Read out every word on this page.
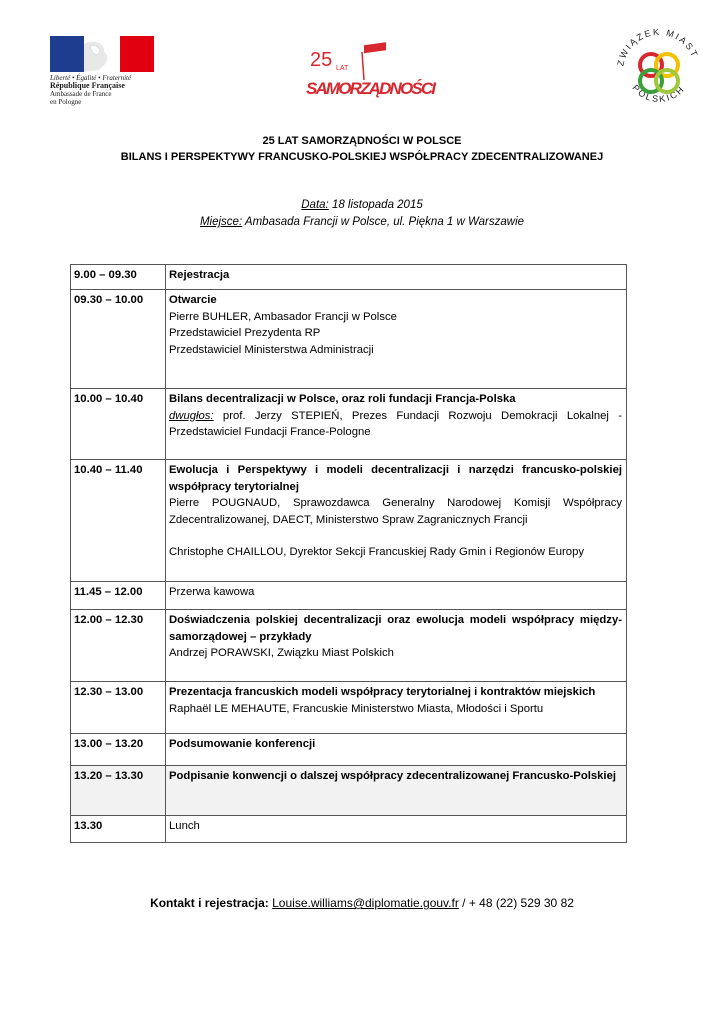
Liberté • Égalité • Fraternité
République Française
Ambassade de France
en Pologne
25 LAT
SAMORZĄDNOŚCI
ZWIĄZEK MIAST
POLSKICH
25 LAT SAMORZĄDNOŚCI W POLSCE
BILANS I PERSPEKTYWY FRANCUSKO-POLSKIEJ WSPÓŁPRACY ZDECENTRALIZOWANEJ
Data: 18 listopada 2015
Miejsce: Ambasada Francji w Polsce, ul. Piękna 1 w Warszawie
9.00 – 09.30	Rejestracja

09.30 – 10.00	Otwarcie
Pierre BUHLER, Ambasador Francji w Polsce
Przedstawiciel Prezydenta RP
Przedstawiciel Ministerstwa Administracji

10.00 – 10.40	Bilans decentralizacji w Polsce, oraz roli fundacji Francja-Polska
dwugłos: prof. Jerzy STEPIEŃ, Prezes Fundacji Rozwoju Demokracji Lokalnej - Przedstawiciel Fundacji France-Pologne

10.40 – 11.40	Ewolucja i Perspektywy i modeli decentralizacji i narzędzi francusko-polskiej współpracy terytorialnej
Pierre POUGNAUD, Sprawozdawca Generalny Narodowej Komisji Współpracy Zdecentralizowanej, DAECT, Ministerstwo Spraw Zagranicznych Francji
Christophe CHAILLOU, Dyrektor Sekcji Francuskiej Rady Gmin i Regionów Europy

11.45 – 12.00	Przerwa kawowa

12.00 – 12.30	Doświadczenia polskiej decentralizacji oraz ewolucja modeli współpracy między-samorządowej – przykłady
Andrzej PORAWSKI, Związku Miast Polskich

12.30 – 13.00	Prezentacja francuskich modeli współpracy terytorialnej i kontraktów miejskich
Raphaël LE MEHAUTE, Francuskie Ministerstwo Miasta, Młodości i Sportu

13.00 – 13.20	Podsumowanie konferencji

13.20 – 13.30	Podpisanie konwencji o dalszej współpracy zdecentralizowanej Francusko-Polskiej

13.30	Lunch
Kontakt i rejestracja: Louise.williams@diplomatie.gouv.fr / + 48 (22) 529 30 82
